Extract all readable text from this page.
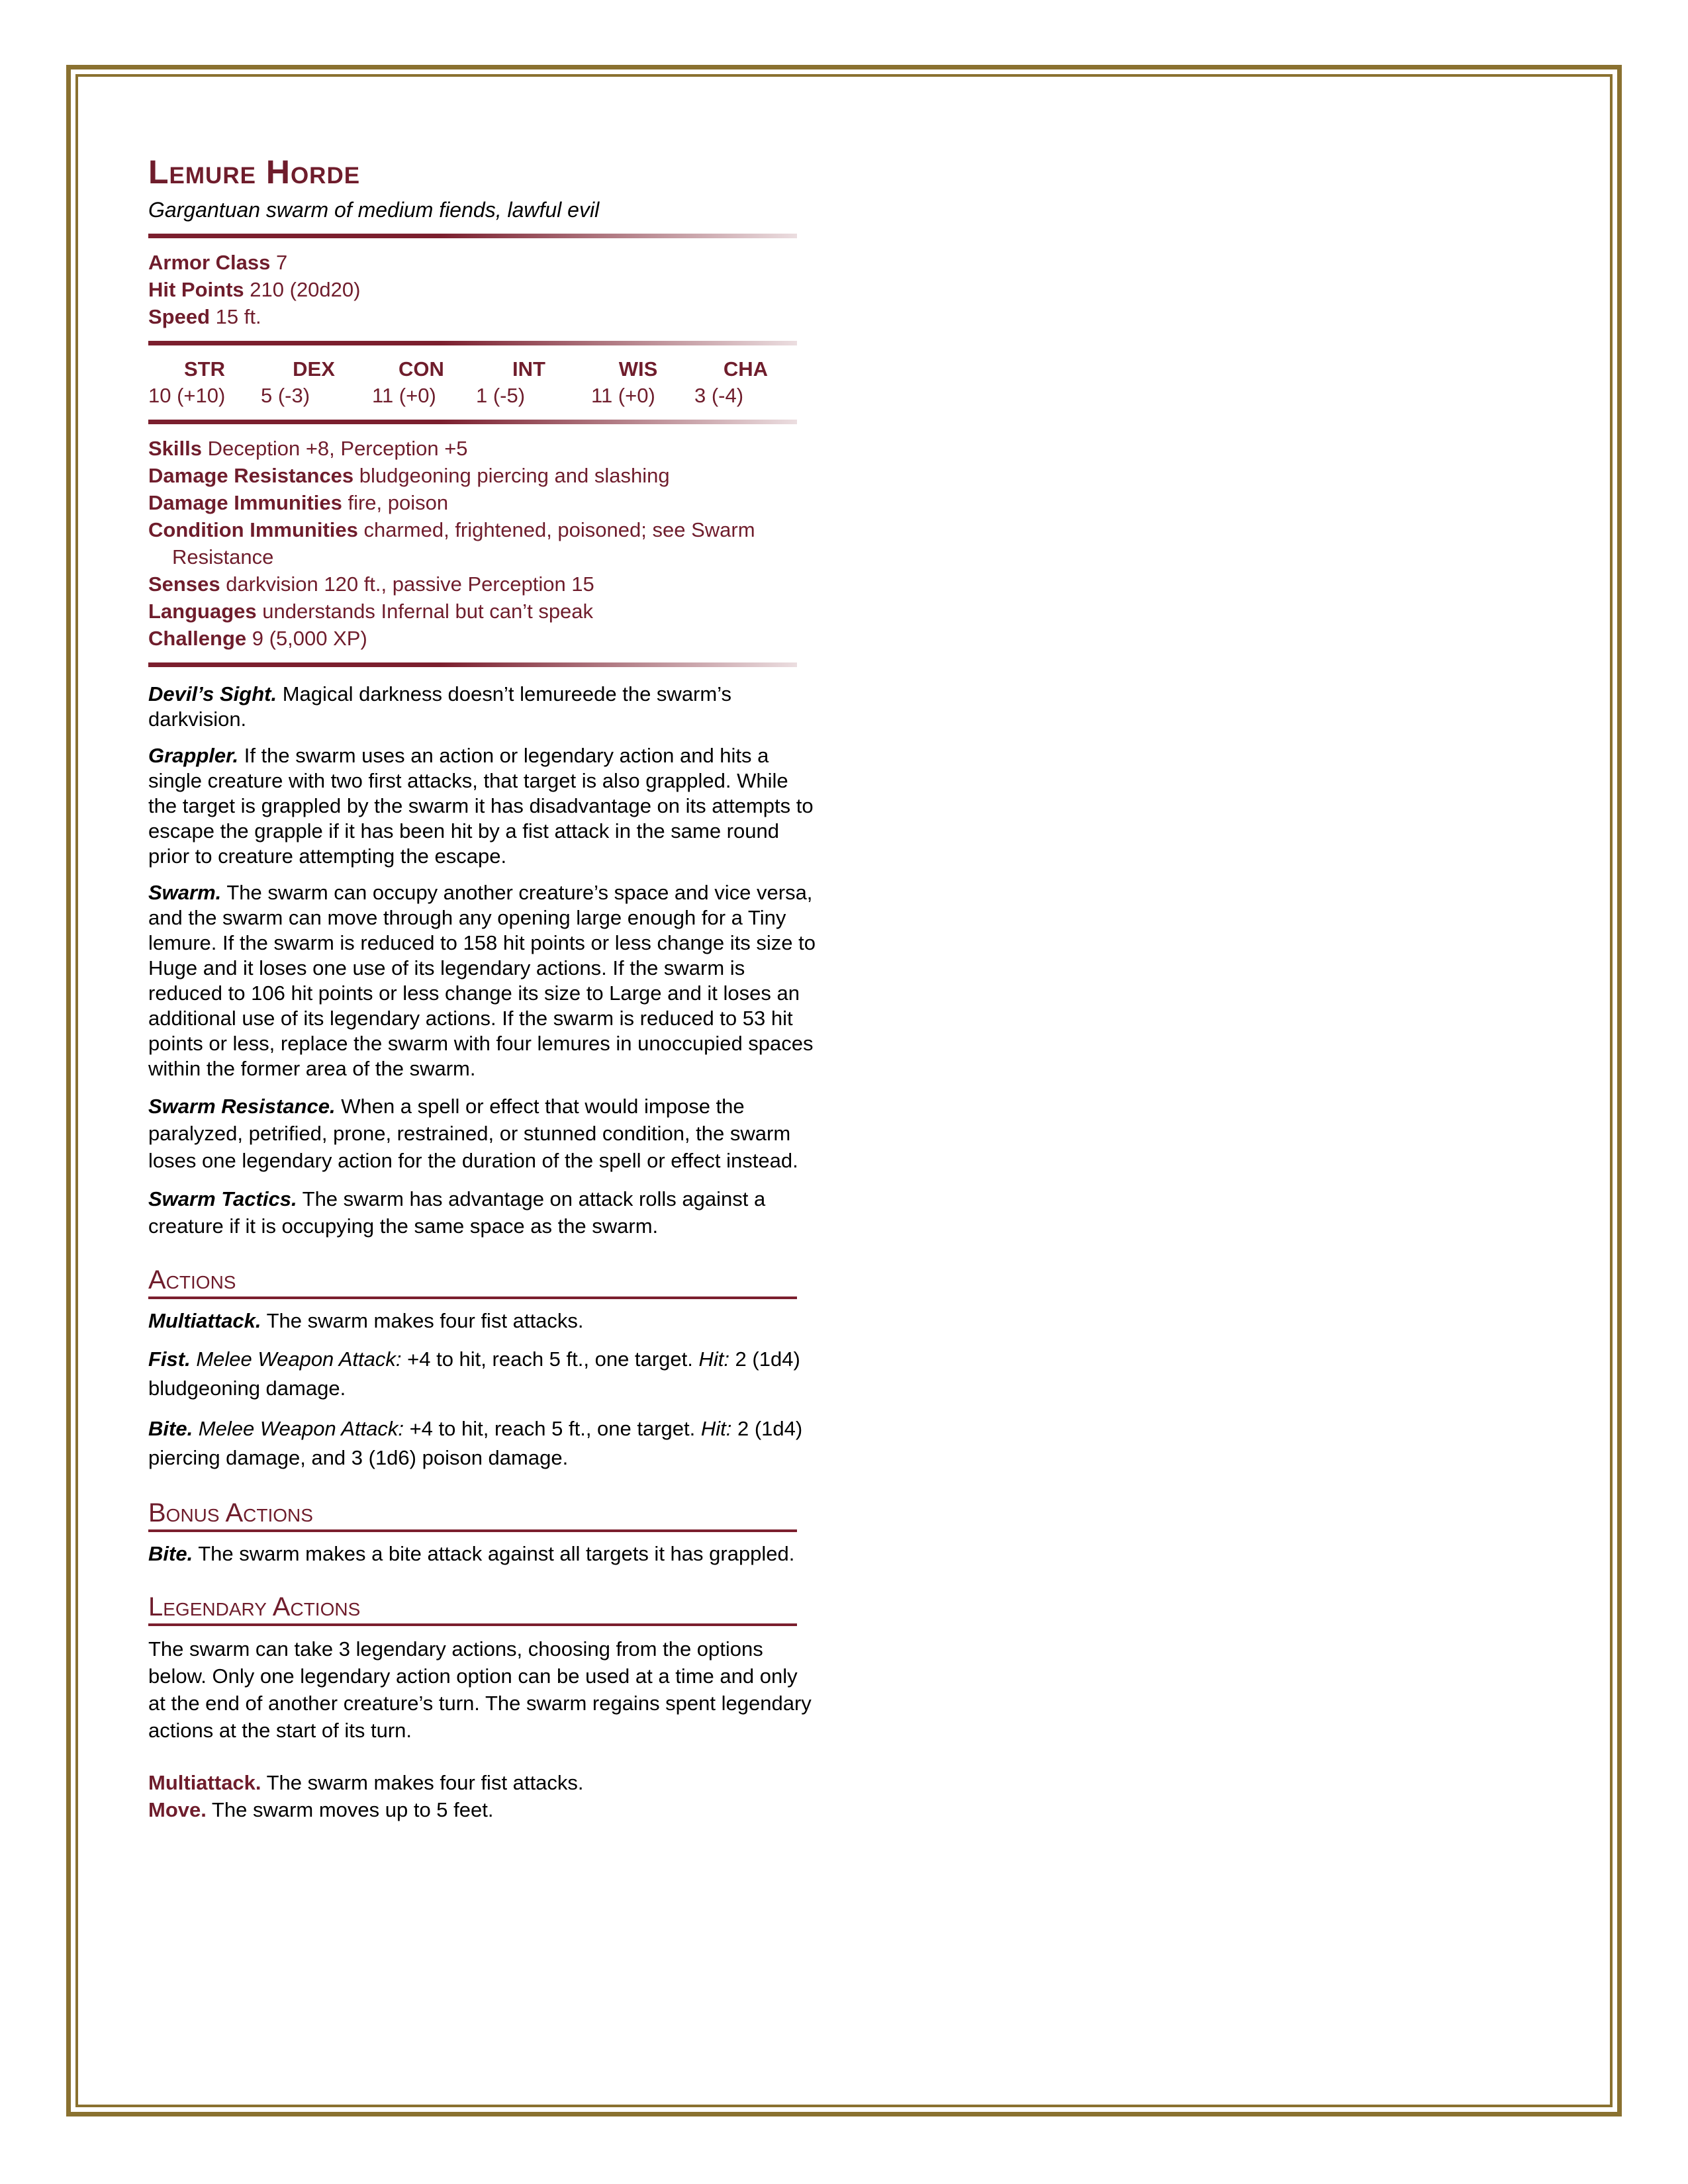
Lemure Horde
Gargantuan swarm of medium fiends, lawful evil
Armor Class 7
Hit Points 210 (20d20)
Speed 15 ft.
STR	DEX	CON	INT	WIS	CHA
10 (+10)	5 (-3)	11 (+0)	1 (-5)	11 (+0)	3 (-4)
Skills Deception +8, Perception +5
Damage Resistances bludgeoning piercing and slashing
Damage Immunities fire, poison
Condition Immunities charmed, frightened, poisoned; see Swarm Resistance
Senses darkvision 120 ft., passive Perception 15
Languages understands Infernal but can’t speak
Challenge 9 (5,000 XP)

Devil’s Sight. Magical darkness doesn’t lemureede the swarm’s darkvision.

Grappler. If the swarm uses an action or legendary action and hits a single creature with two first attacks, that target is also grappled. While the target is grappled by the swarm it has disadvantage on its attempts to escape the grapple if it has been hit by a fist attack in the same round prior to creature attempting the escape.

Swarm. The swarm can occupy another creature’s space and vice versa, and the swarm can move through any opening large enough for a Tiny lemure. If the swarm is reduced to 158 hit points or less change its size to Huge and it loses one use of its legendary actions. If the swarm is reduced to 106 hit points or less change its size to Large and it loses an additional use of its legendary actions. If the swarm is reduced to 53 hit points or less, replace the swarm with four lemures in unoccupied spaces within the former area of the swarm.

Swarm Resistance. When a spell or effect that would impose the paralyzed, petrified, prone, restrained, or stunned condition, the swarm loses one legendary action for the duration of the spell or effect instead.

Swarm Tactics. The swarm has advantage on attack rolls against a creature if it is occupying the same space as the swarm.

Actions

Multiattack. The swarm makes four fist attacks.

Fist. Melee Weapon Attack: +4 to hit, reach 5 ft., one target. Hit: 2 (1d4) bludgeoning damage.

Bite. Melee Weapon Attack: +4 to hit, reach 5 ft., one target. Hit: 2 (1d4) piercing damage, and 3 (1d6) poison damage.

Bonus Actions

Bite. The swarm makes a bite attack against all targets it has grappled.

Legendary Actions

The swarm can take 3 legendary actions, choosing from the options below. Only one legendary action option can be used at a time and only at the end of another creature’s turn. The swarm regains spent legendary actions at the start of its turn.

Multiattack. The swarm makes four fist attacks.
Move. The swarm moves up to 5 feet.
